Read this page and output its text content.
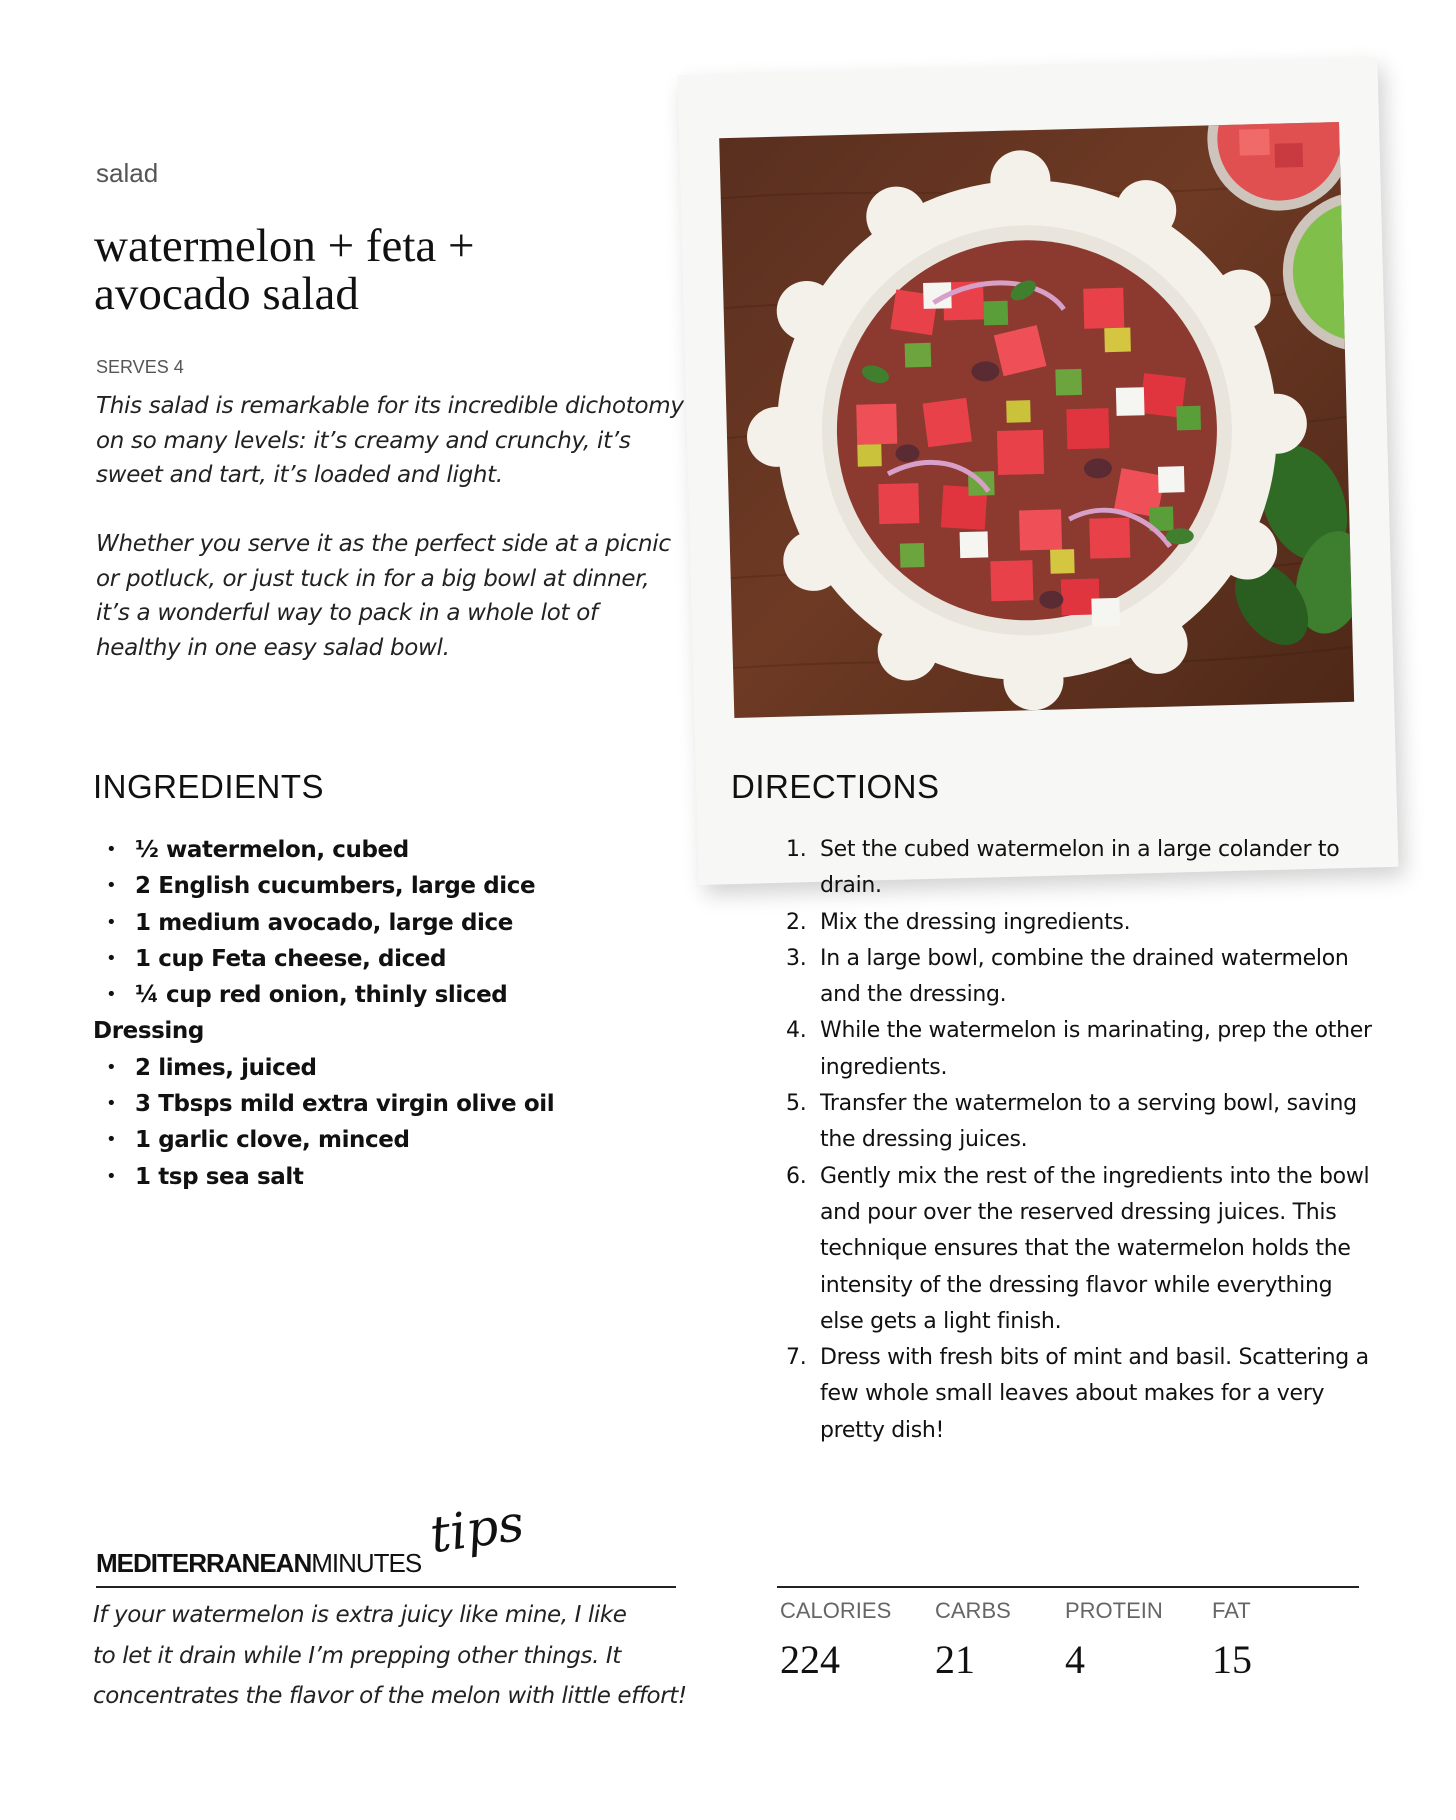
salad
watermelon + feta +
avocado salad
SERVES 4

This salad is remarkable for its incredible dichotomy on so many levels: it’s creamy and crunchy, it’s sweet and tart, it’s loaded and light.

Whether you serve it as the perfect side at a picnic or potluck, or just tuck in for a big bowl at dinner, it’s a wonderful way to pack in a whole lot of healthy in one easy salad bowl.

INGREDIENTS	DIRECTIONS
• ½ watermelon, cubed
• 2 English cucumbers, large dice
• 1 medium avocado, large dice
• 1 cup Feta cheese, diced
• ¼ cup red onion, thinly sliced
Dressing
• 2 limes, juiced
• 3 Tbsps mild extra virgin olive oil
• 1 garlic clove, minced
• 1 tsp sea salt
1. Set the cubed watermelon in a large colander to drain.
2. Mix the dressing ingredients.
3. In a large bowl, combine the drained watermelon and the dressing.
4. While the watermelon is marinating, prep the other ingredients.
5. Transfer the watermelon to a serving bowl, saving the dressing juices.
6. Gently mix the rest of the ingredients into the bowl and pour over the reserved dressing juices. This technique ensures that the watermelon holds the intensity of the dressing flavor while everything else gets a light finish.
7. Dress with fresh bits of mint and basil. Scattering a few whole small leaves about makes for a very pretty dish!
MEDITERRANEANMINUTES tips
If your watermelon is extra juicy like mine, I like
to let it drain while I’m prepping other things. It
concentrates the flavor of the melon with little effort!
CALORIES
224
CARBS
21
PROTEIN
4
FAT
15
